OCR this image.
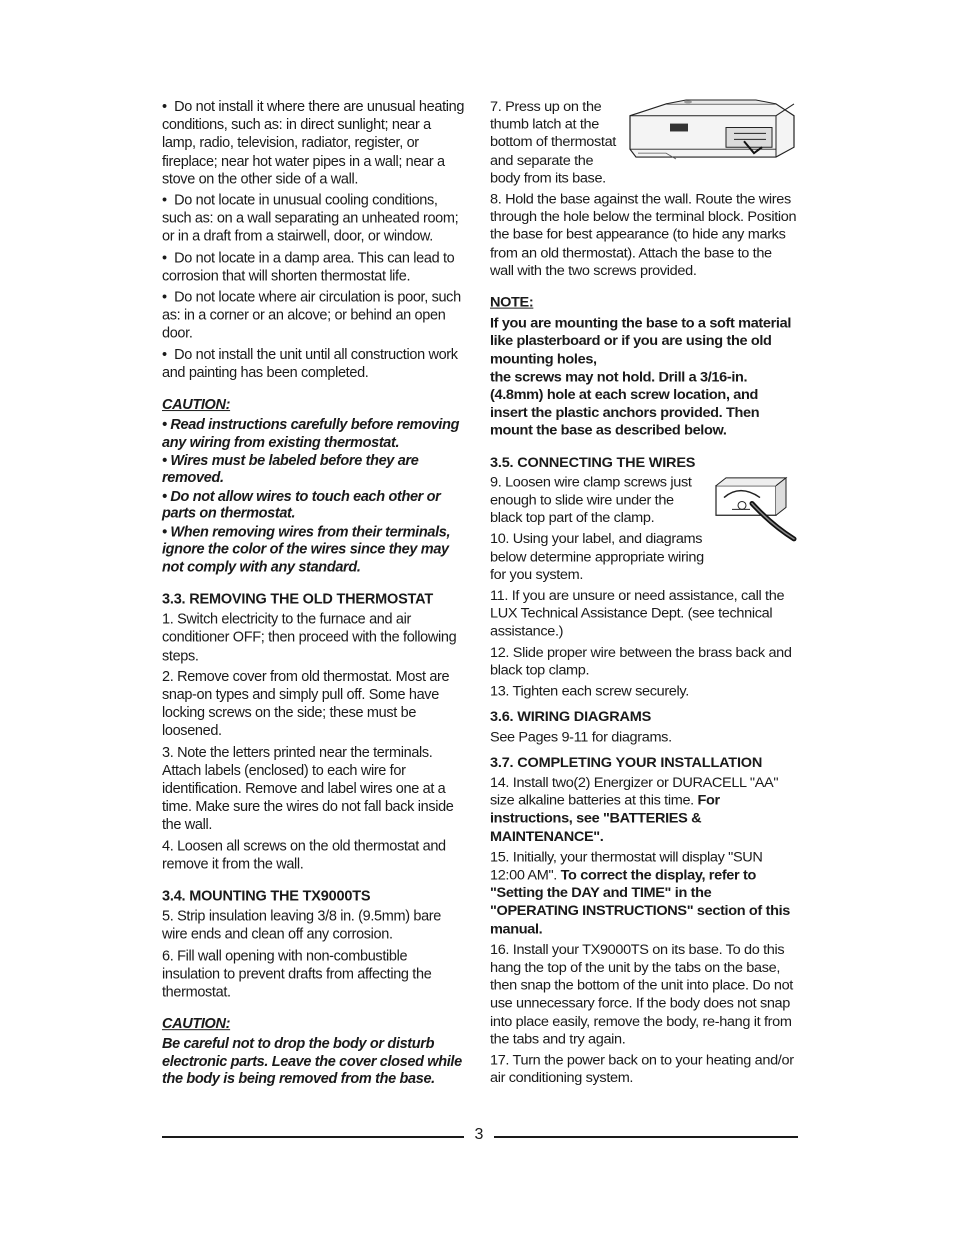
•  Do not install it where there are unusual heating conditions, such as: in direct sunlight; near a lamp, radio, television, radiator, register, or fireplace; near hot water pipes in a wall; near a stove on the other side of a wall.

•  Do not locate in unusual cooling conditions, such as: on a wall separating an unheated room; or in a draft from a stairwell, door, or window.

•  Do not locate in a damp area. This can lead to corrosion that will shorten thermostat life.

•  Do not locate where air circulation is poor, such as: in a corner or an alcove; or behind an open door.

•  Do not install the unit until all construction work and painting has been completed.

CAUTION:

• Read instructions carefully before removing any wiring from existing thermostat.

• Wires must be labeled before they are removed.

• Do not allow wires to touch each other or parts on thermostat.

• When removing wires from their terminals, ignore the color of the wires since they may not comply with any standard.

3.3. REMOVING THE OLD THERMOSTAT

1. Switch electricity to the furnace and air conditioner OFF; then proceed with the following steps.

2. Remove cover from old thermostat. Most are snap-on types and simply pull off. Some have locking screws on the side; these must be loosened.

3. Note the letters printed near the terminals. Attach labels (enclosed) to each wire for identification. Remove and label wires one at a time. Make sure the wires do not fall back inside the wall.

4. Loosen all screws on the old thermostat and remove it from the wall.

3.4. MOUNTING THE TX9000TS

5. Strip insulation leaving 3/8 in. (9.5mm) bare wire ends and clean off any corrosion.

6. Fill wall opening with non-combustible insulation to prevent drafts from affecting the thermostat.

CAUTION:

Be careful not to drop the body or disturb electronic parts. Leave the cover closed while the body is being removed from the base.

7. Press up on the thumb latch at the bottom of thermostat and separate the body from its base.

8. Hold the base against the wall. Route the wires through the hole below the terminal block. Position the base for best appearance (to hide any marks from an old thermostat). Attach the base to the wall with the two screws provided.

NOTE:

If you are mounting the base to a soft material like plasterboard or if you are using the old mounting holes,

the screws may not hold. Drill a 3/16-in. (4.8mm) hole at each screw location, and insert the plastic anchors provided. Then mount the base as described below.

3.5. CONNECTING THE WIRES

9. Loosen wire clamp screws just enough to slide wire under the black top part of the clamp.

10. Using your label, and diagrams below determine appropriate wiring for you system.

11. If you are unsure or need assistance, call the LUX Technical Assistance Dept. (see technical assistance.)

12. Slide proper wire between the brass back and black top clamp.

13. Tighten each screw securely.

3.6. WIRING DIAGRAMS

See Pages 9-11 for diagrams.

3.7. COMPLETING YOUR INSTALLATION

14. Install two(2) Energizer or DURACELL "AA" size alkaline batteries at this time. For instructions, see "BATTERIES & MAINTENANCE".

15. Initially, your thermostat will display "SUN 12:00 AM". To correct the display, refer to "Setting the DAY and TIME" in the "OPERATING INSTRUCTIONS" section of this manual.

16. Install your TX9000TS on its base. To do this hang the top of the unit by the tabs on the base, then snap the bottom of the unit into place. Do not use unnecessary force. If the body does not snap into place easily, remove the body, re-hang it from the tabs and try again.

17. Turn the power back on to your heating and/or air conditioning system.

3
